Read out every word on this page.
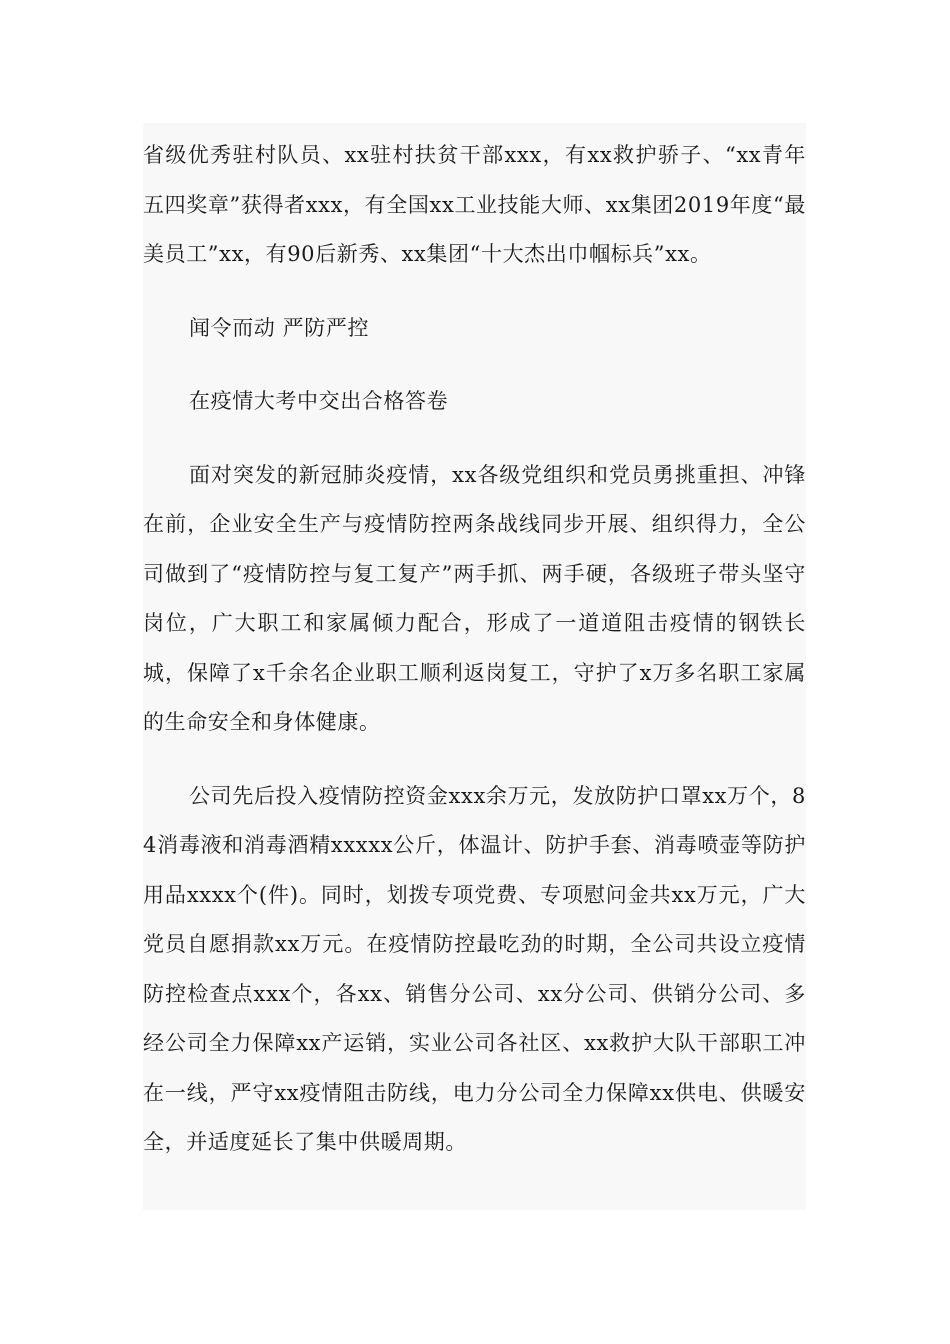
省级优秀驻村队员、xx驻村扶贫干部xxx，有xx救护骄子、“xx青年五四奖章”获得者xxx，有全国xx工业技能大师、xx集团2019年度“最美员工”xx，有90后新秀、xx集团“十大杰出巾帼标兵”xx。

闻令而动 严防严控

在疫情大考中交出合格答卷

面对突发的新冠肺炎疫情，xx各级党组织和党员勇挑重担、冲锋在前，企业安全生产与疫情防控两条战线同步开展、组织得力，全公司做到了“疫情防控与复工复产”两手抓、两手硬，各级班子带头坚守岗位，广大职工和家属倾力配合，形成了一道道阻击疫情的钢铁长城，保障了x千余名企业职工顺利返岗复工，守护了x万多名职工家属的生命安全和身体健康。

公司先后投入疫情防控资金xxx余万元，发放防护口罩xx万个，84消毒液和消毒酒精xxxxx公斤，体温计、防护手套、消毒喷壶等防护用品xxxx个(件)。同时，划拨专项党费、专项慰问金共xx万元，广大党员自愿捐款xx万元。在疫情防控最吃劲的时期，全公司共设立疫情防控检查点xxx个，各xx、销售分公司、xx分公司、供销分公司、多经公司全力保障xx产运销，实业公司各社区、xx救护大队干部职工冲在一线，严守xx疫情阻击防线，电力分公司全力保障xx供电、供暖安全，并适度延长了集中供暖周期。
